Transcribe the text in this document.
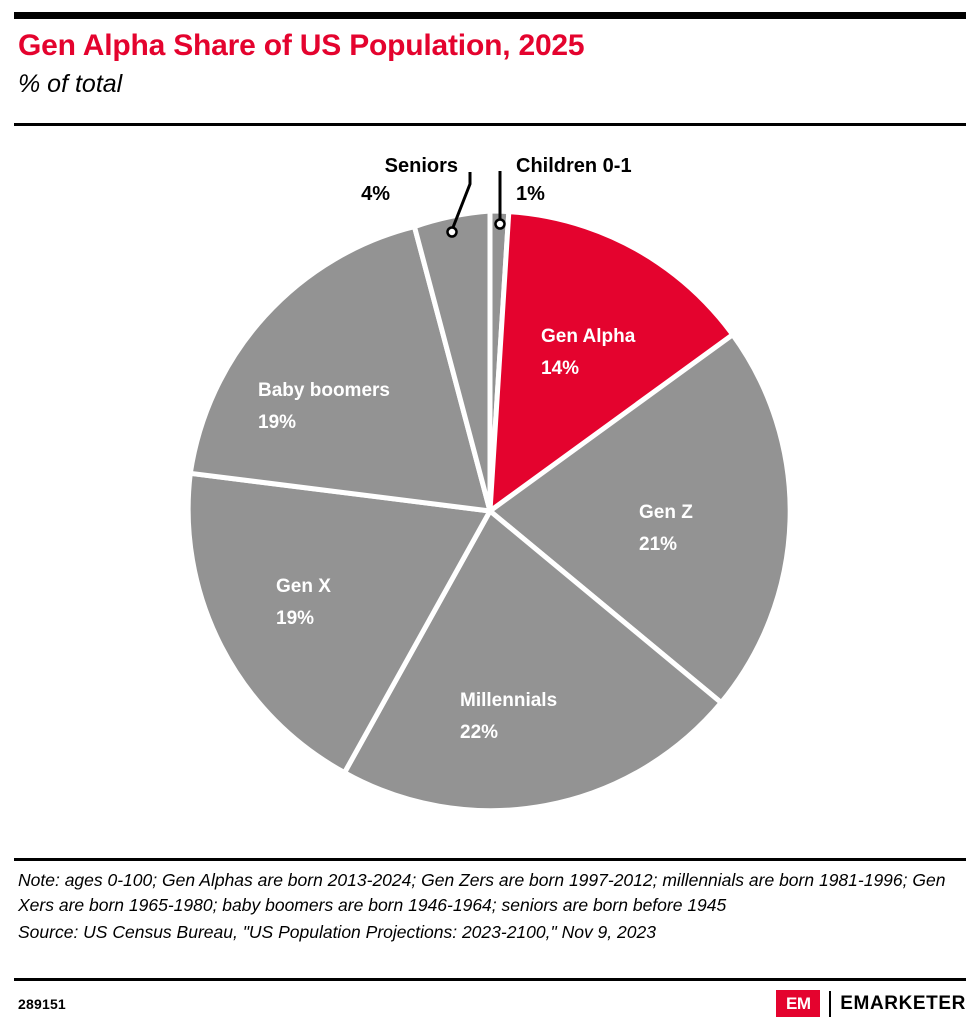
Gen Alpha Share of US Population, 2025
% of total
Children 0-1
1%
Seniors
4%
Gen Alpha
14%
Gen Z
21%
Millennials
22%
Gen X
19%
Baby boomers
19%
Note: ages 0-100; Gen Alphas are born 2013-2024; Gen Zers are born 1997-2012; millennials are born 1981-1996; Gen Xers are born 1965-1980; baby boomers are born 1946-1964; seniors are born before 1945
Source: US Census Bureau, "US Population Projections: 2023-2100," Nov 9, 2023
289151	EM	EMARKETER
